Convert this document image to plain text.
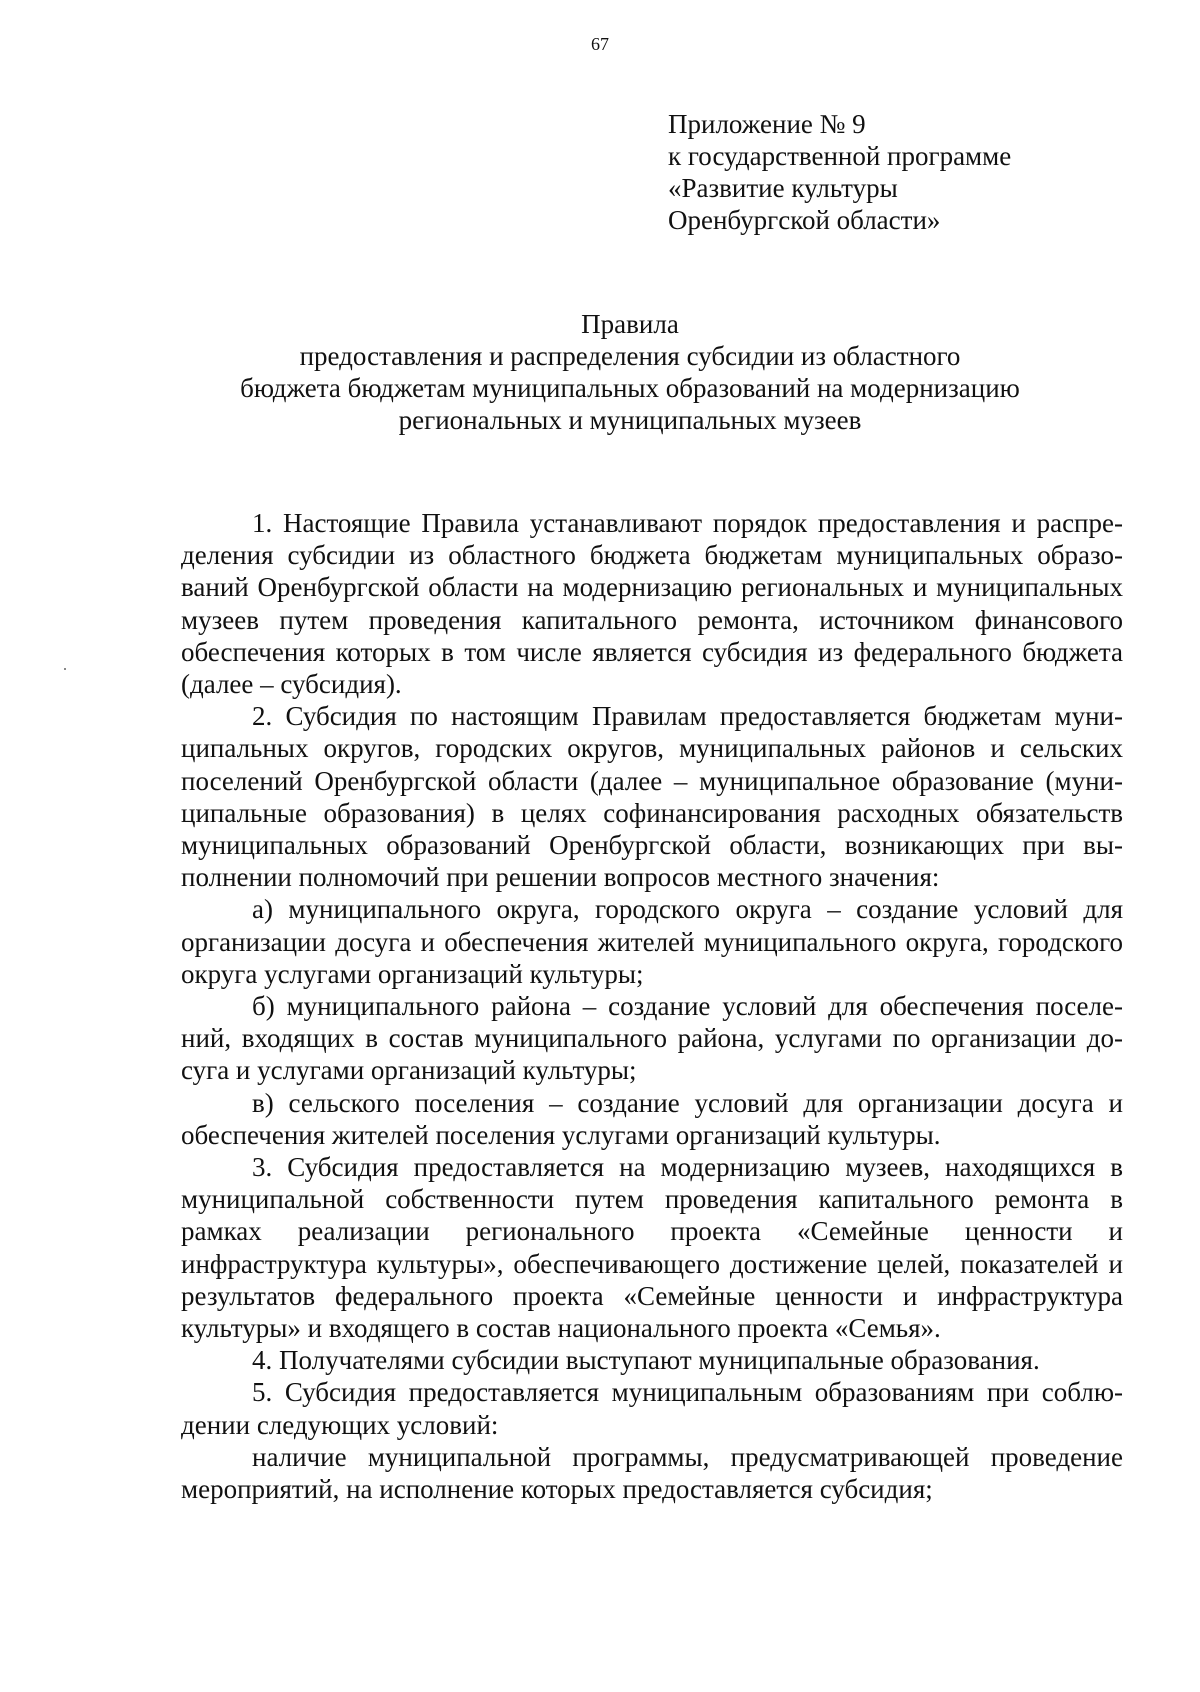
67
Приложение № 9
к государственной программе
«Развитие культуры
Оренбургской области»
Правила
предоставления и распределения субсидии из областного
бюджета бюджетам муниципальных образований на модернизацию
региональных и муниципальных музеев

1. Настоящие Правила устанавливают порядок предоставления и распределения субсидии из областного бюджета бюджетам муниципальных образований Оренбургской области на модернизацию региональных и муниципальных музеев путем проведения капитального ремонта, источником финансового обеспечения которых в том числе является субсидия из федерального бюджета (далее – субсидия).

2. Субсидия по настоящим Правилам предоставляется бюджетам муниципальных округов, городских округов, муниципальных районов и сельских поселений Оренбургской области (далее – муниципальное образование (муниципальные образования) в целях софинансирования расходных обязательств муниципальных образований Оренбургской области, возникающих при выполнении полномочий при решении вопросов местного значения:

а) муниципального округа, городского округа – создание условий для организации досуга и обеспечения жителей муниципального округа, городского округа услугами организаций культуры;

б) муниципального района – создание условий для обеспечения поселений, входящих в состав муниципального района, услугами по организации досуга и услугами организаций культуры;

в) сельского поселения – создание условий для организации досуга и обеспечения жителей поселения услугами организаций культуры.

3. Субсидия предоставляется на модернизацию музеев, находящихся в муниципальной собственности путем проведения капитального ремонта в рамках реализации регионального проекта «Семейные ценности и инфраструктура культуры», обеспечивающего достижение целей, показателей и результатов федерального проекта «Семейные ценности и инфраструктура культуры» и входящего в состав национального проекта «Семья».

4. Получателями субсидии выступают муниципальные образования.

5. Субсидия предоставляется муниципальным образованиям при соблюдении следующих условий:

наличие муниципальной программы, предусматривающей проведение мероприятий, на исполнение которых предоставляется субсидия;
